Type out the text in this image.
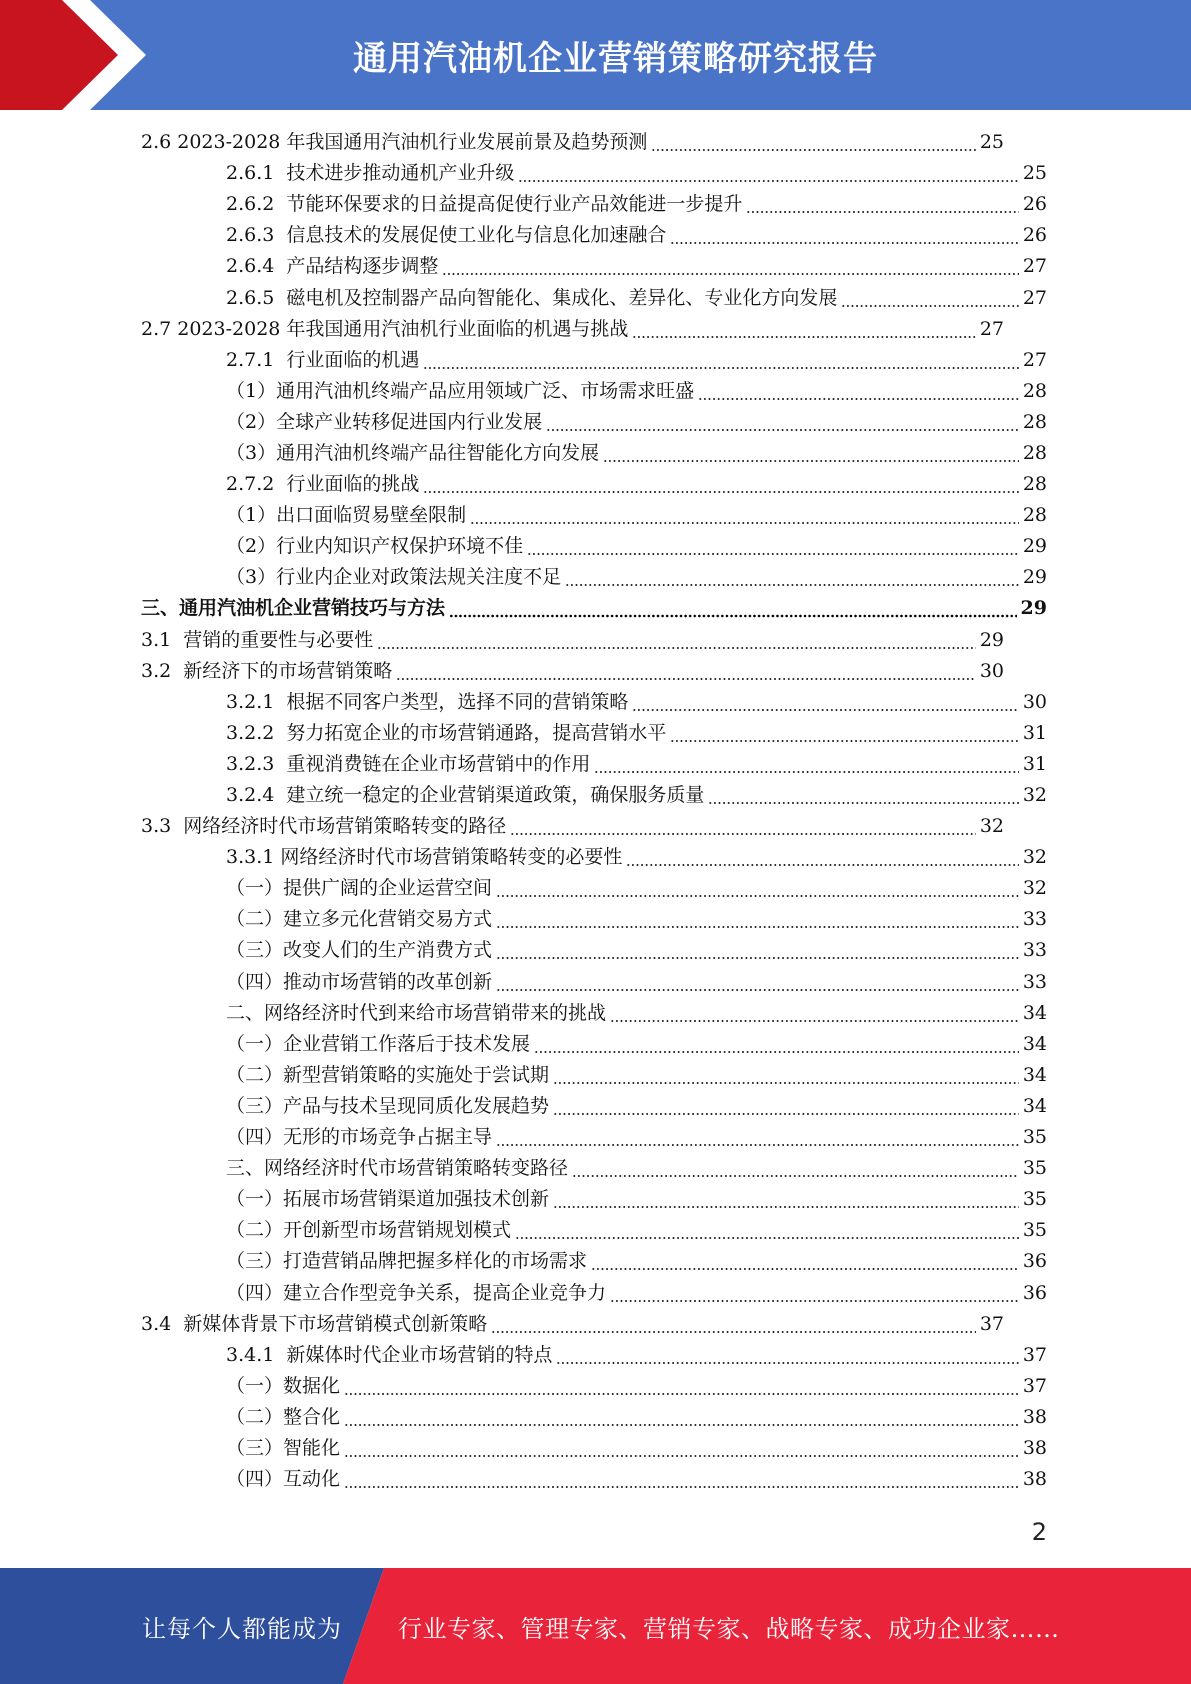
通用汽油机企业营销策略研究报告
2.6 2023-2028 年我国通用汽油机行业发展前景及趋势预测	25
2.6.1  技术进步推动通机产业升级	25
2.6.2  节能环保要求的日益提高促使行业产品效能进一步提升	26
2.6.3  信息技术的发展促使工业化与信息化加速融合	26
2.6.4  产品结构逐步调整	27
2.6.5  磁电机及控制器产品向智能化、集成化、差异化、专业化方向发展	27
2.7 2023-2028 年我国通用汽油机行业面临的机遇与挑战	27
2.7.1  行业面临的机遇	27
（1）通用汽油机终端产品应用领域广泛、市场需求旺盛	28
（2）全球产业转移促进国内行业发展	28
（3）通用汽油机终端产品往智能化方向发展	28
2.7.2  行业面临的挑战	28
（1）出口面临贸易壁垒限制	28
（2）行业内知识产权保护环境不佳	29
（3）行业内企业对政策法规关注度不足	29
三、通用汽油机企业营销技巧与方法	29
3.1  营销的重要性与必要性	29
3.2  新经济下的市场营销策略	30
3.2.1  根据不同客户类型，选择不同的营销策略	30
3.2.2  努力拓宽企业的市场营销通路，提高营销水平	31
3.2.3  重视消费链在企业市场营销中的作用	31
3.2.4  建立统一稳定的企业营销渠道政策，确保服务质量	32
3.3  网络经济时代市场营销策略转变的路径	32
3.3.1 网络经济时代市场营销策略转变的必要性	32
（一）提供广阔的企业运营空间	32
（二）建立多元化营销交易方式	33
（三）改变人们的生产消费方式	33
（四）推动市场营销的改革创新	33
二、网络经济时代到来给市场营销带来的挑战	34
（一）企业营销工作落后于技术发展	34
（二）新型营销策略的实施处于尝试期	34
（三）产品与技术呈现同质化发展趋势	34
（四）无形的市场竞争占据主导	35
三、网络经济时代市场营销策略转变路径	35
（一）拓展市场营销渠道加强技术创新	35
（二）开创新型市场营销规划模式	35
（三）打造营销品牌把握多样化的市场需求	36
（四）建立合作型竞争关系，提高企业竞争力	36
3.4  新媒体背景下市场营销模式创新策略	37
3.4.1  新媒体时代企业市场营销的特点	37
（一）数据化	37
（二）整合化	38
（三）智能化	38
（四）互动化	38
2
让每个人都能成为 行业专家、管理专家、营销专家、战略专家、成功企业家……
